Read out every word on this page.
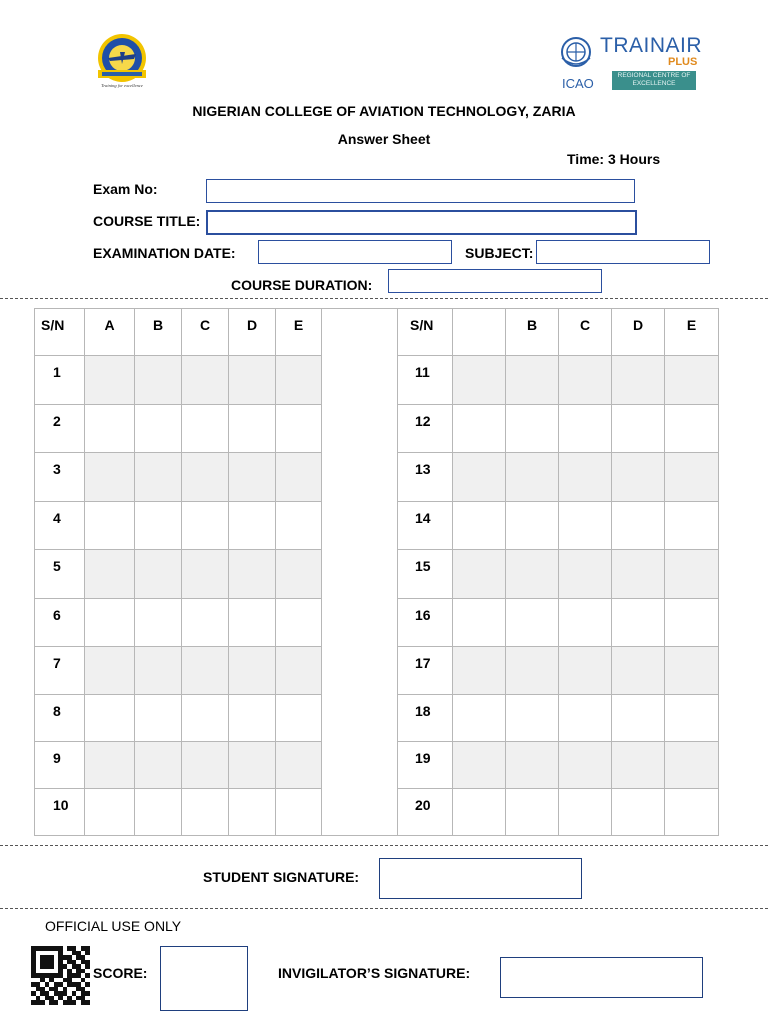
Training for excellence
TRAINAIR
PLUS
ICAO
REGIONAL CENTRE OF EXCELLENCE
NIGERIAN COLLEGE OF AVIATION TECHNOLOGY, ZARIA
Answer Sheet
Time: 3 Hours
Exam No:
COURSE TITLE:
EXAMINATION DATE:	SUBJECT:
COURSE DURATION:
S/N	A	B	C	D	E		S/N		B	C	D	E
1							11					
2							12					
3							13					
4							14					
5							15					
6							16					
7							17					
8							18					
9							19					
10							20					
STUDENT SIGNATURE:
OFFICIAL USE ONLY
SCORE:	INVIGILATOR’S SIGNATURE:
